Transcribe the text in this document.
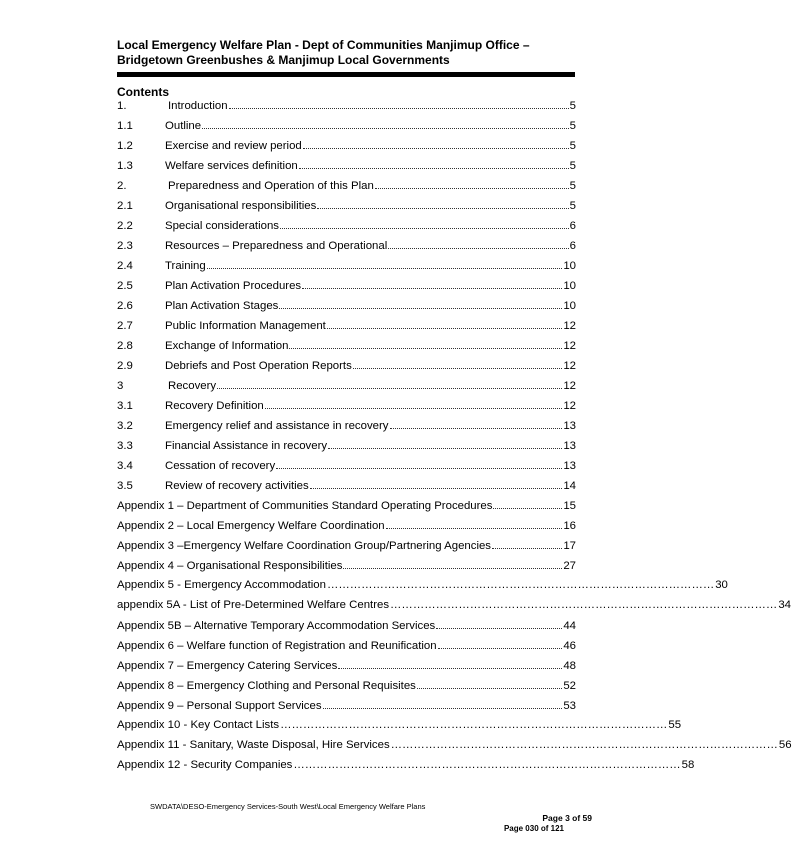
Local Emergency Welfare Plan - Dept of Communities Manjimup Office – Bridgetown Greenbushes & Manjimup Local Governments
Contents
1.	Introduction	5
1.1	Outline	5
1.2	Exercise and review period	5
1.3	Welfare services definition	5
2.	Preparedness and Operation of this Plan	5
2.1	Organisational responsibilities	5
2.2	Special considerations	6
2.3	Resources – Preparedness and Operational	6
2.4	Training	10
2.5	Plan Activation Procedures	10
2.6	Plan Activation Stages	10
2.7	Public Information Management	12
2.8	Exchange of Information	12
2.9	Debriefs and Post Operation Reports	12
3	Recovery	12
3.1	Recovery Definition	12
3.2	Emergency relief and assistance in recovery	13
3.3	Financial Assistance in recovery	13
3.4	Cessation of recovery	13
3.5	Review of recovery activities	14
Appendix 1 – Department of Communities Standard Operating Procedures	15
Appendix 2 – Local Emergency Welfare Coordination	16
Appendix 3 –Emergency Welfare Coordination Group/Partnering Agencies	17
Appendix 4 – Organisational Responsibilities	27
Appendix 5 - Emergency Accommodation ………………………………………………………………………………………… 30
appendix 5A - List of Pre-Determined Welfare Centres ………………………………………………………………………………………… 34
Appendix 5B – Alternative Temporary Accommodation Services	44
Appendix 6 – Welfare function of Registration and Reunification	46
Appendix 7 – Emergency Catering Services	48
Appendix 8 – Emergency Clothing and Personal Requisites	52
Appendix 9 – Personal Support Services	53
Appendix 10 - Key Contact Lists ………………………………………………………………………………………… 55
Appendix 11 - Sanitary, Waste Disposal, Hire Services ………………………………………………………………………………………… 56
Appendix 12 - Security Companies ………………………………………………………………………………………… 58
SWDATA\DESO-Emergency Services-South West\Local Emergency Welfare Plans
Page 3 of 59
Page 030 of 121
